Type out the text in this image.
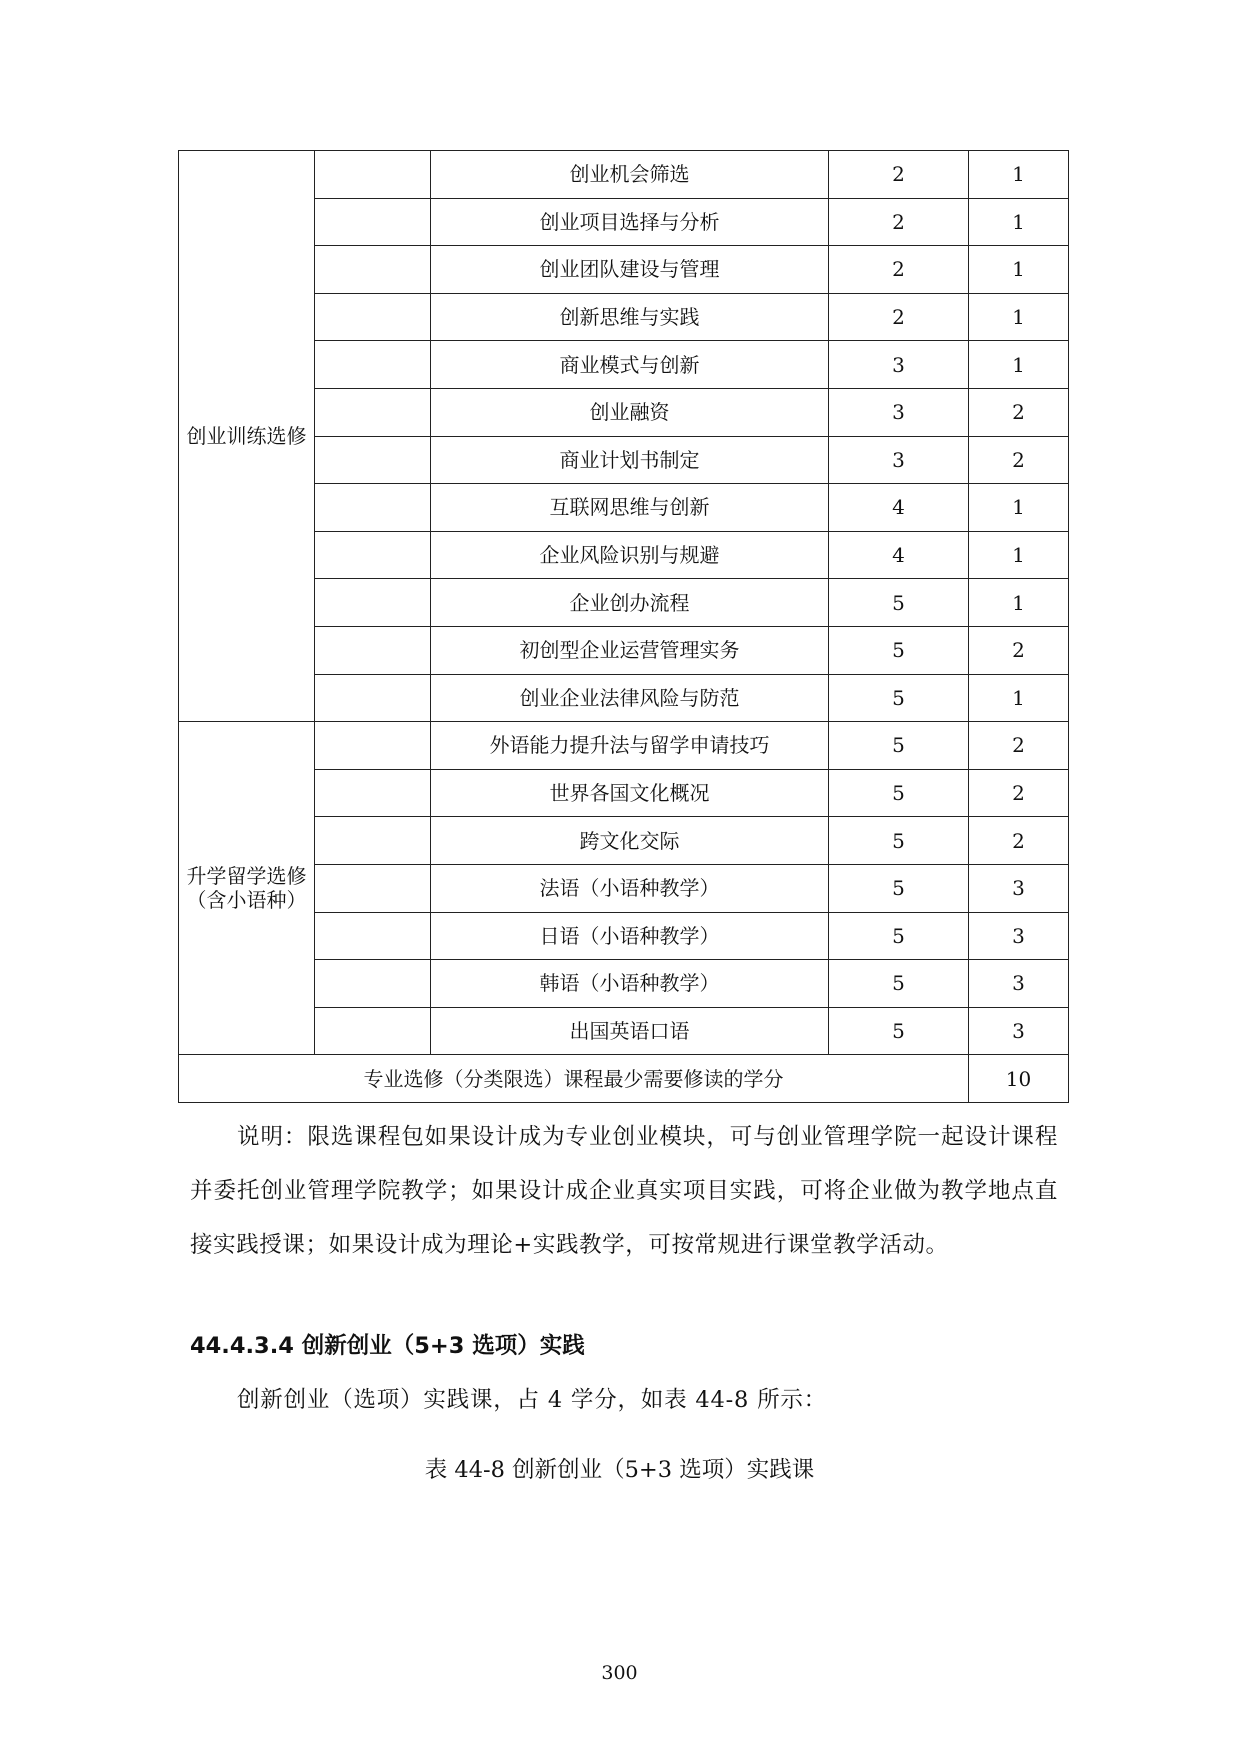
创业训练选修		创业机会筛选	2	1
		创业项目选择与分析	2	1
		创业团队建设与管理	2	1
		创新思维与实践	2	1
		商业模式与创新	3	1
		创业融资	3	2
		商业计划书制定	3	2
		互联网思维与创新	4	1
		企业风险识别与规避	4	1
		企业创办流程	5	1
		初创型企业运营管理实务	5	2
		创业企业法律风险与防范	5	1
升学留学选修（含小语种）		外语能力提升法与留学申请技巧	5	2
		世界各国文化概况	5	2
		跨文化交际	5	2
		法语（小语种教学）	5	3
		日语（小语种教学）	5	3
		韩语（小语种教学）	5	3
		出国英语口语	5	3
专业选修（分类限选）课程最少需要修读的学分				10

说明：限选课程包如果设计成为专业创业模块，可与创业管理学院一起设计课程并委托创业管理学院教学；如果设计成企业真实项目实践，可将企业做为教学地点直接实践授课；如果设计成为理论+实践教学，可按常规进行课堂教学活动。

44.4.3.4 创新创业（5+3 选项）实践
创新创业（选项）实践课，占 4 学分，如表 44-8 所示：
表 44-8 创新创业（5+3 选项）实践课
300
